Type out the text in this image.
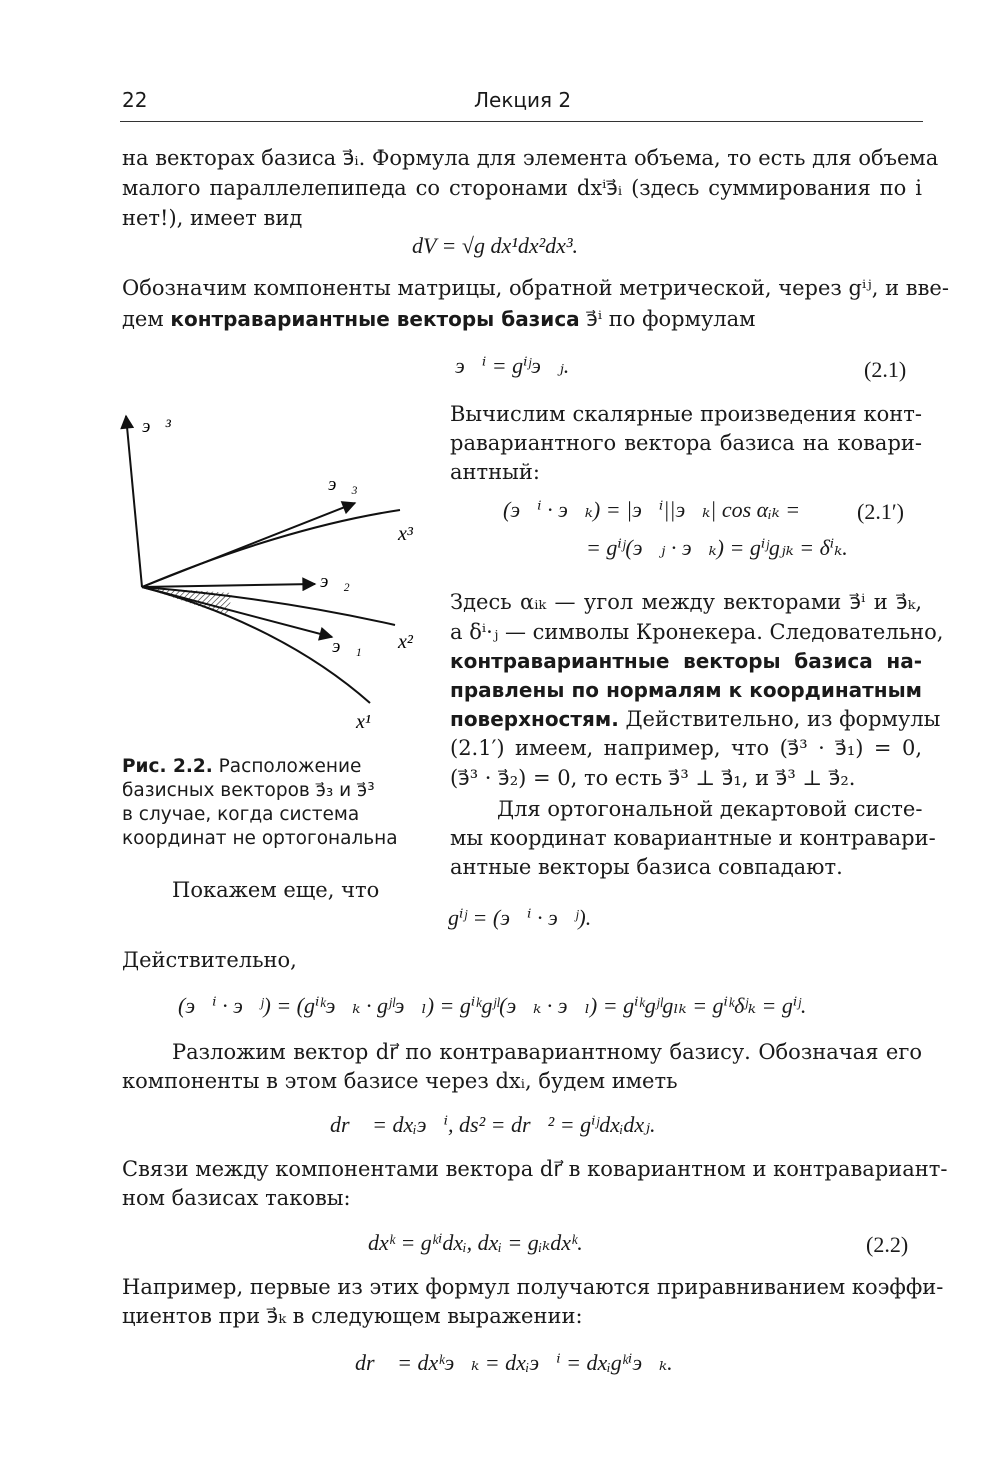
22	Лекция 2
на векторах базиса э⃗ᵢ. Формула для элемента объема, то есть для объема
малого параллелепипеда со сторонами dxⁱэ⃗ᵢ (здесь суммирования по i
нет!), имеет вид
dV = √g dx¹dx²dx³.
Обозначим компоненты матрицы, обратной метрической, через gⁱʲ, и вве-
дем контравариантные векторы базиса э⃗ⁱ по формулам
э⃗ⁱ = gⁱʲэ⃗ⱼ.	(2.1)
э⃗³
э⃗₃
э⃗₂
э⃗₁
x³
x²
x¹
Рис. 2.2. Расположение
базисных векторов э⃗₃ и э⃗³
в случае, когда система
координат не ортогональна
Покажем еще, что
Вычислим скалярные произведения конт-
равариантного вектора базиса на ковари-
антный:
(э⃗ⁱ · э⃗ₖ) = |э⃗ⁱ||э⃗ₖ| cos αᵢₖ =	(2.1′)
= gⁱʲ(э⃗ⱼ · э⃗ₖ) = gⁱʲgⱼₖ = δⁱₖ.
Здесь αᵢₖ — угол между векторами э⃗ⁱ и э⃗ₖ,
а δⁱ·ⱼ — символы Кронекера. Следовательно,
контравариантные векторы базиса на-
правлены по нормалям к координатным
поверхностям. Действительно, из формулы
(2.1′) имеем, например, что (э⃗³ · э⃗₁) = 0,
(э⃗³ · э⃗₂) = 0, то есть э⃗³ ⊥ э⃗₁, и э⃗³ ⊥ э⃗₂.
Для ортогональной декартовой систе-
мы координат ковариантные и контравари-
антные векторы базиса совпадают.
gⁱʲ = (э⃗ⁱ · э⃗ʲ).
Действительно,
(э⃗ⁱ · э⃗ʲ) = (gⁱᵏэ⃗ₖ · gʲˡэ⃗ₗ) = gⁱᵏgʲˡ(э⃗ₖ · э⃗ₗ) = gⁱᵏgʲˡgₗₖ = gⁱᵏδʲₖ = gⁱʲ.
Разложим вектор dr⃗ по контравариантному базису. Обозначая его
компоненты в этом базисе через dxᵢ, будем иметь
dr⃗ = dxᵢэ⃗ⁱ, ds² = dr⃗² = gⁱʲdxᵢdxⱼ.
Связи между компонентами вектора dr⃗ в ковариантном и контравариант-
ном базисах таковы:
dxᵏ = gᵏⁱdxᵢ, dxᵢ = gᵢₖdxᵏ.	(2.2)
Например, первые из этих формул получаются приравниванием коэффи-
циентов при э⃗ₖ в следующем выражении:
dr⃗ = dxᵏэ⃗ₖ = dxᵢэ⃗ⁱ = dxᵢgᵏⁱэ⃗ₖ.
